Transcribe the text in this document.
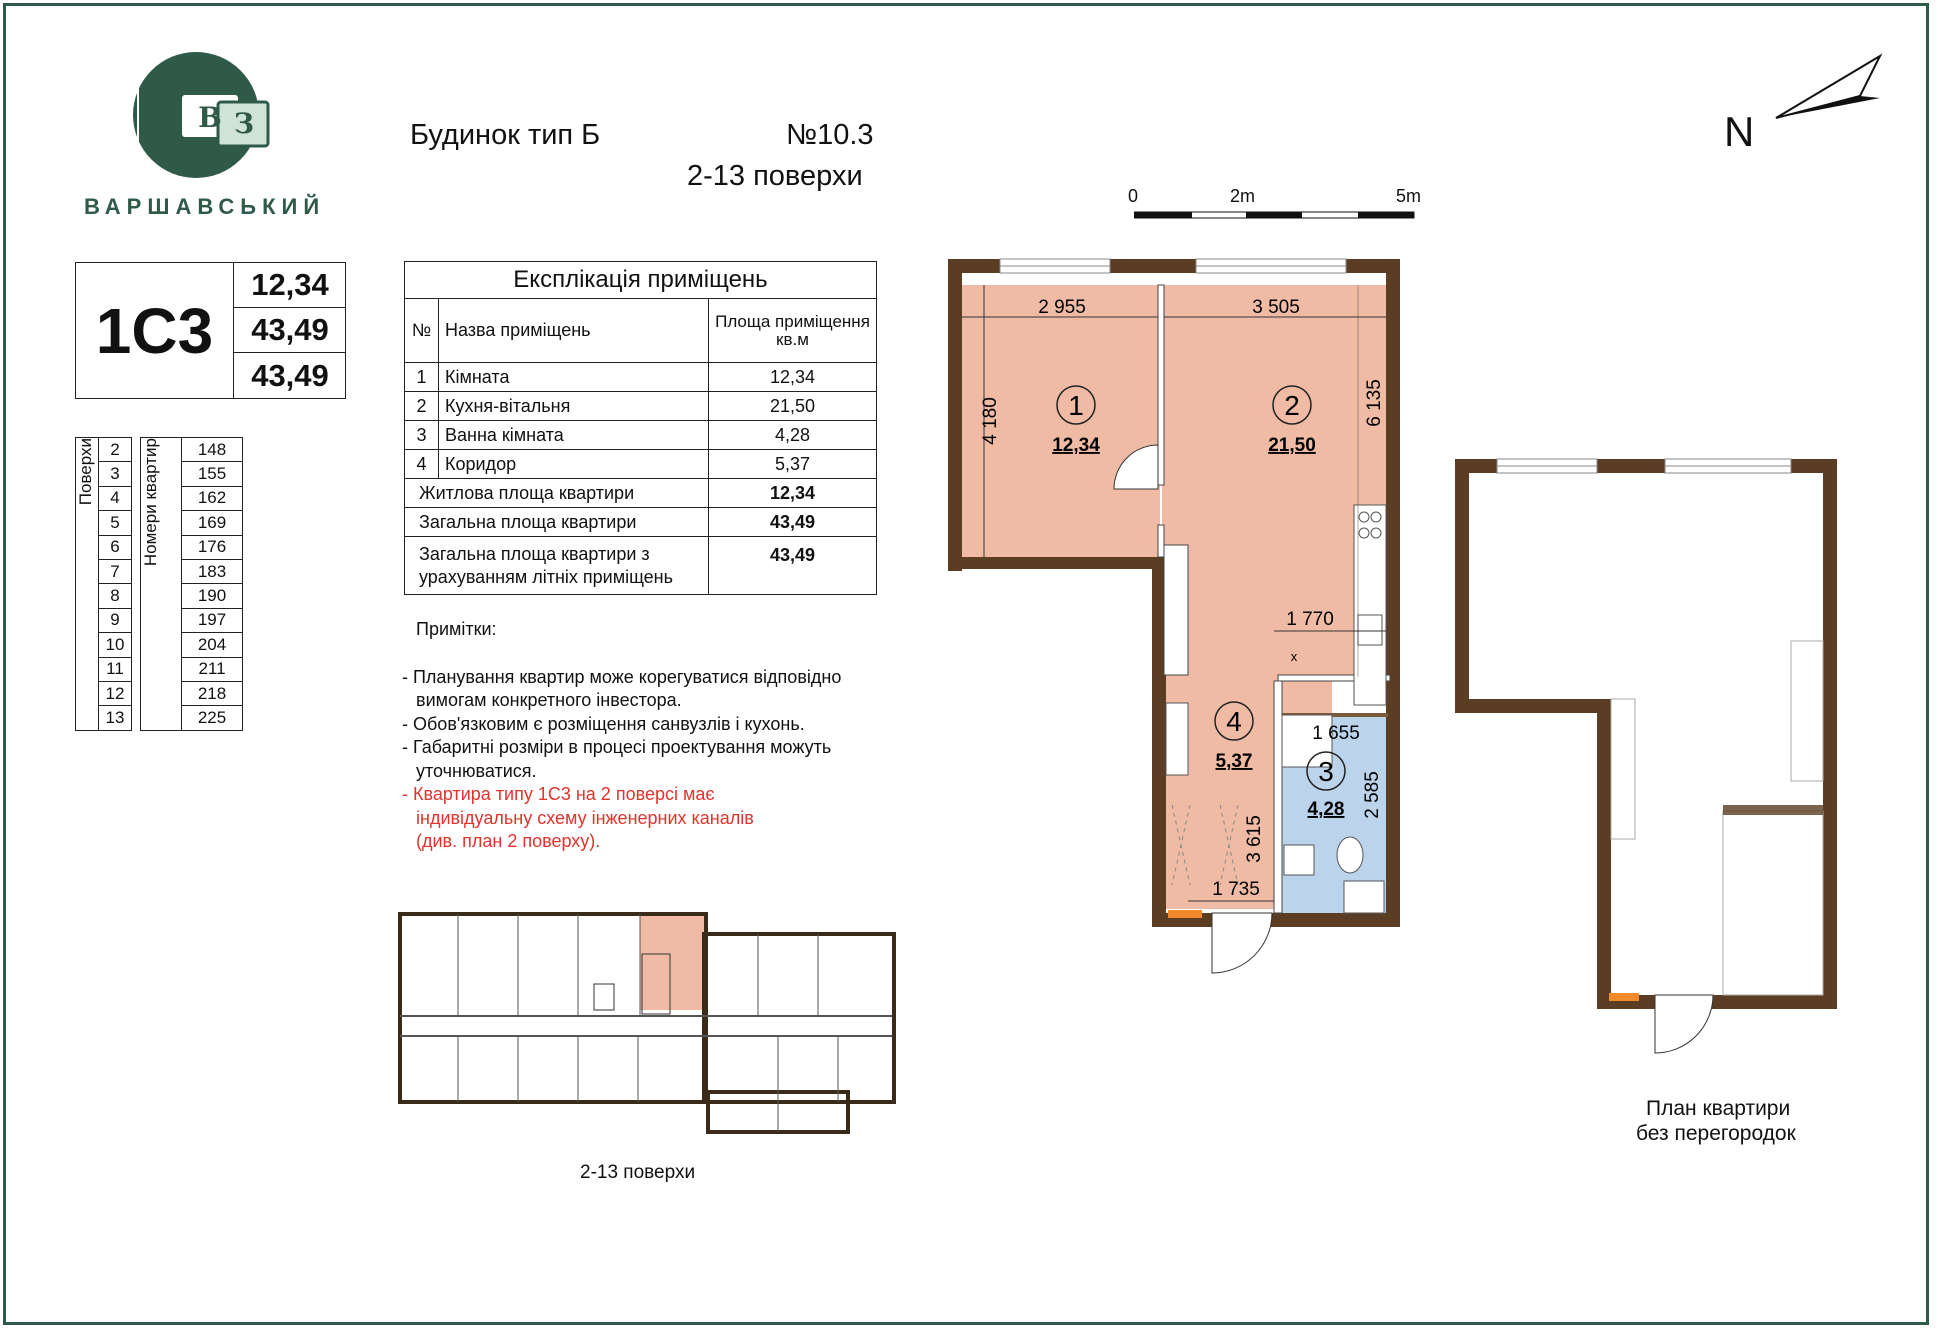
В З
ВАРШАВСЬКИЙ
Будинок тип Б	№10.3
2-13 поверхи
N
0	2m	5m
1С3
12,34
43,49
43,49
Поверхи	2		Номери квартир	148
	3			155
	4			162
	5			169
	6			176
	7			183
	8			190
	9			197
	10			204
	11			211
	12			218
	13			225
Експлікація приміщень		
№	Назва приміщень	Площа приміщення кв.м
1	Кімната	12,34
2	Кухня-вітальня	21,50
3	Ванна кімната	4,28
4	Коридор	5,37
Житлова площа квартири		12,34
Загальна площа квартири		43,49
Загальна площа квартири з урахуванням літніх приміщень		43,49
Примітки:
- Планування квартир може корегуватися відповідно
вимогам конкретного інвестора.
- Обов'язковим є розміщення санвузлів і кухонь.
- Габаритні розміри в процесі проектування можуть
уточнюватися.
- Квартира типу 1С3 на 2 поверсі має
індивідуальну схему інженерних каналів
(див. план 2 поверху).
1
12,34
2
21,50
3
4,28
4
5,37
2 955	3 505
4 180	6 135
1 770
1 655
2 585
3 615
1 735
x
2-13 поверхи
План квартири
без перегородок
